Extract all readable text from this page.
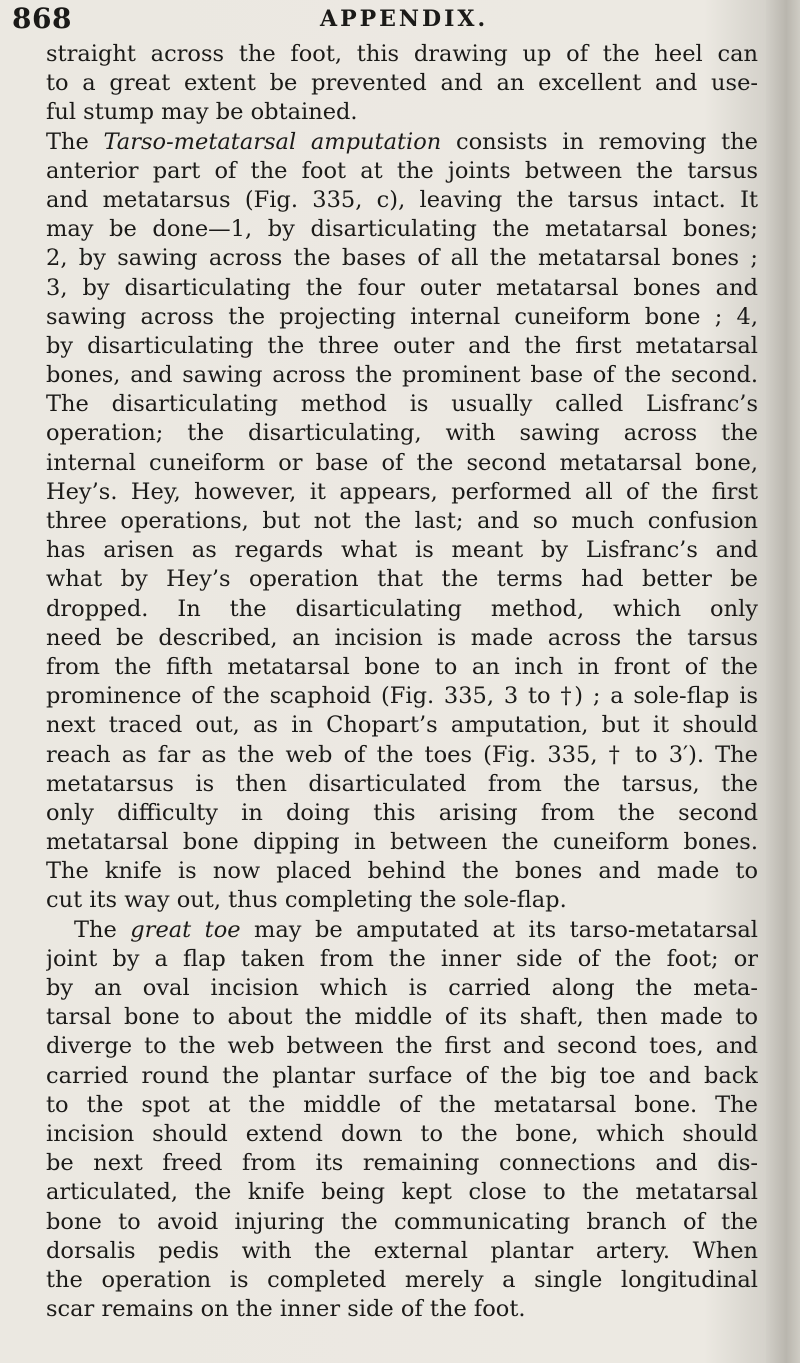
868	APPENDIX.
straight across the foot, this drawing up of the heel can
to a great extent be prevented and an excellent and use-
ful stump may be obtained.
The Tarso-metatarsal amputation consists in removing the
anterior part of the foot at the joints between the tarsus
and metatarsus (Fig. 335, c), leaving the tarsus intact. It
may be done—1, by disarticulating the metatarsal bones;
2, by sawing across the bases of all the metatarsal bones ;
3, by disarticulating the four outer metatarsal bones and
sawing across the projecting internal cuneiform bone ; 4,
by disarticulating the three outer and the first metatarsal
bones, and sawing across the prominent base of the second.
The disarticulating method is usually called Lisfranc’s
operation; the disarticulating, with sawing across the
internal cuneiform or base of the second metatarsal bone,
Hey’s. Hey, however, it appears, performed all of the first
three operations, but not the last; and so much confusion
has arisen as regards what is meant by Lisfranc’s and
what by Hey’s operation that the terms had better be
dropped. In the disarticulating method, which only
need be described, an incision is made across the tarsus
from the fifth metatarsal bone to an inch in front of the
prominence of the scaphoid (Fig. 335, 3 to †) ; a sole-flap is
next traced out, as in Chopart’s amputation, but it should
reach as far as the web of the toes (Fig. 335, † to 3′). The
metatarsus is then disarticulated from the tarsus, the
only difficulty in doing this arising from the second
metatarsal bone dipping in between the cuneiform bones.
The knife is now placed behind the bones and made to
cut its way out, thus completing the sole-flap.
The great toe may be amputated at its tarso-metatarsal
joint by a flap taken from the inner side of the foot; or
by an oval incision which is carried along the meta-
tarsal bone to about the middle of its shaft, then made to
diverge to the web between the first and second toes, and
carried round the plantar surface of the big toe and back
to the spot at the middle of the metatarsal bone. The
incision should extend down to the bone, which should
be next freed from its remaining connections and dis-
articulated, the knife being kept close to the metatarsal
bone to avoid injuring the communicating branch of the
dorsalis pedis with the external plantar artery. When
the operation is completed merely a single longitudinal
scar remains on the inner side of the foot.
